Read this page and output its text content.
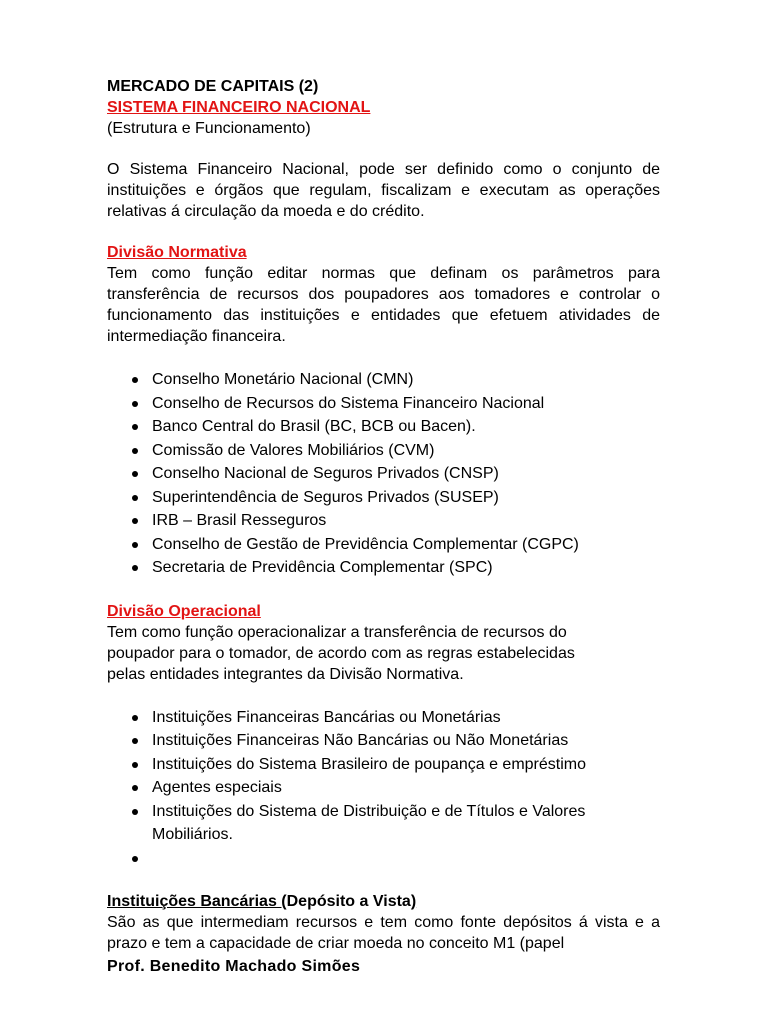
MERCADO DE CAPITAIS (2)
SISTEMA FINANCEIRO NACIONAL
(Estrutura e Funcionamento)
O Sistema Financeiro Nacional, pode ser definido como o conjunto de instituições e órgãos que regulam, fiscalizam e executam as operações relativas á circulação da moeda e do crédito.
Divisão Normativa
Tem como função editar normas que definam os parâmetros para transferência de recursos dos poupadores aos tomadores e controlar o funcionamento das instituições e entidades que efetuem atividades de intermediação financeira.
Conselho Monetário Nacional (CMN)
Conselho de Recursos do Sistema Financeiro Nacional
Banco Central do Brasil (BC, BCB ou Bacen).
Comissão de Valores Mobiliários (CVM)
Conselho Nacional de Seguros Privados (CNSP)
Superintendência de Seguros Privados (SUSEP)
IRB – Brasil Resseguros
Conselho de Gestão de Previdência Complementar (CGPC)
Secretaria de Previdência Complementar (SPC)
Divisão Operacional
Tem como função operacionalizar a transferência de recursos do
poupador para o tomador, de acordo com as regras estabelecidas
pelas entidades integrantes da Divisão Normativa.
Instituições Financeiras Bancárias ou Monetárias
Instituições Financeiras Não Bancárias ou Não Monetárias
Instituições do Sistema Brasileiro de poupança e empréstimo
Agentes especiais
Instituições do Sistema de Distribuição e de Títulos e Valores Mobiliários.

Instituições Bancárias (Depósito a Vista)
São as que intermediam recursos e tem como fonte depósitos á vista e a prazo e tem a capacidade de criar moeda no conceito M1 (papel
Prof. Benedito Machado Simões
